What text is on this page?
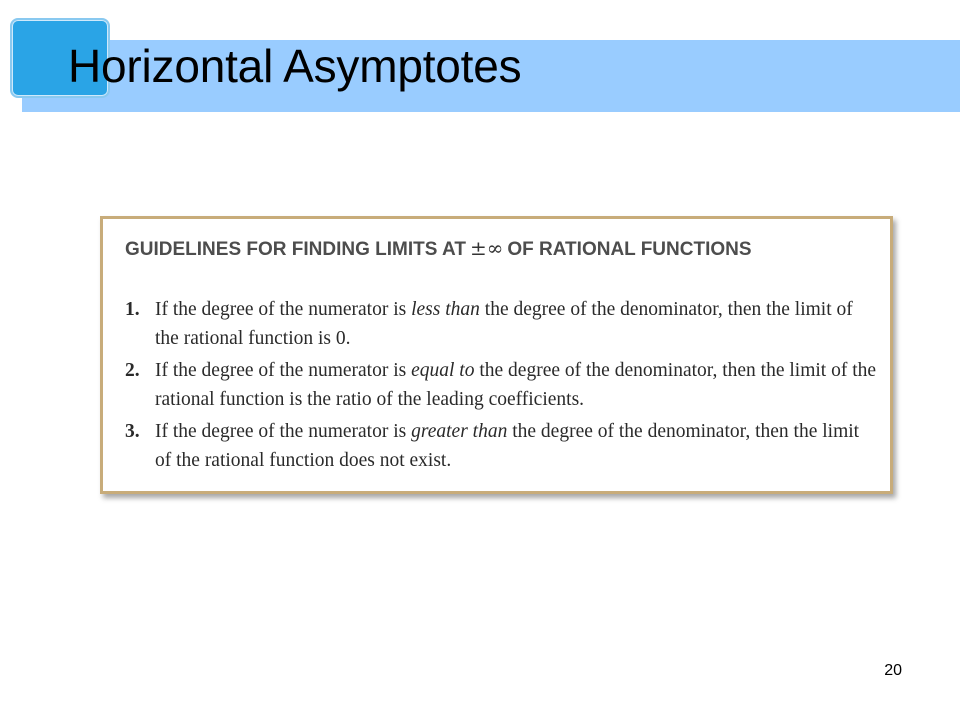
Horizontal Asymptotes
GUIDELINES FOR FINDING LIMITS AT ±∞ OF RATIONAL FUNCTIONS
1. If the degree of the numerator is less than the degree of the denominator, then the limit of the rational function is 0.
2. If the degree of the numerator is equal to the degree of the denominator, then the limit of the rational function is the ratio of the leading coefficients.
3. If the degree of the numerator is greater than the degree of the denominator, then the limit of the rational function does not exist.
20
